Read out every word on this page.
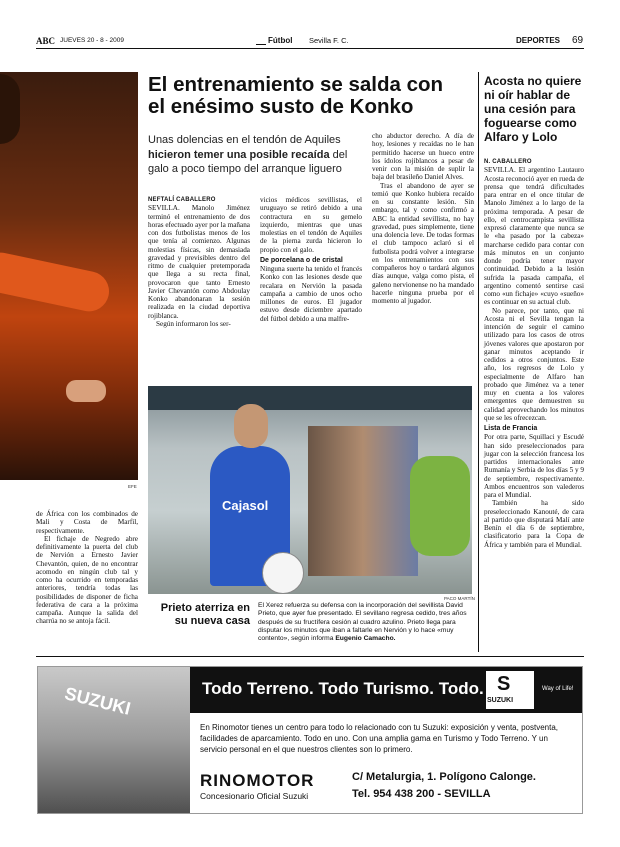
ABC JUEVES 20 - 8 - 2009	Fútbol Sevilla F. C.	DEPORTES 69
EFE

de África con los combinados de Mali y Costa de Marfil, respectivamente.

El fichaje de Negredo abre definitivamente la puerta del club de Nervión a Ernesto Javier Chevantón, quien, de no encontrar acomodo en ningún club tal y como ha ocurrido en temporadas anteriores, tendría todas las posibilidades de disponer de ficha federativa de cara a la próxima campaña. Aunque la salida del charrúa no se antoja fácil.

El entrenamiento se salda con
el enésimo susto de Konko
Unas dolencias en el tendón de Aquiles
hicieron temer una posible recaída del
galo a poco tiempo del arranque liguero
NEFTALÍ CABALLERO

SEVILLA. Manolo Jiménez terminó el entrenamiento de dos horas efectuado ayer por la mañana con dos futbolistas menos de los que tenía al comienzo. Algunas molestias físicas, sin demasiada gravedad y previsibles dentro del ritmo de cualquier pretemporada que llega a su recta final, provocaron que tanto Ernesto Javier Chevantón como Abdoulay Konko abandonaran la sesión realizada en la ciudad deportiva rojiblanca.

Según informaron los ser-

vicios médicos sevillistas, el uruguayo se retiró debido a una contractura en su gemelo izquierdo, mientras que unas molestias en el tendón de Aquiles de la pierna zurda hicieron lo propio con el galo.

De porcelana o de cristal

Ninguna suerte ha tenido el francés Konko con las lesiones desde que recalara en Nervión la pasada campaña a cambio de unos ocho millones de euros. El jugador estuvo desde diciembre apartado del fútbol debido a una malfre-

cho abductor derecho. A día de hoy, lesiones y recaídas no le han permitido hacerse un hueco entre los ídolos rojiblancos a pesar de venir con la misión de suplir la baja del brasileño Daniel Alves.

Tras el abandono de ayer se temió que Konko hubiera recaído en su constante lesión. Sin embargo, tal y como confirmó a ABC la entidad sevillista, no hay gravedad, pues simplemente, tiene una dolencia leve. De todas formas el club tampoco aclaró si el futbolista podrá volver a integrarse en los entrenamientos con sus compañeros hoy o tardará algunos días aunque, valga como pista, el galeno nervionense no ha mandado hacerle ninguna prueba por el momento al jugador.

Cajasol
PACO MARTÍN
Prieto aterriza en su nueva casa
El Xerez refuerza su defensa con la incorporación del sevillista David Prieto, que ayer fue presentado. El sevillano regresa cedido, tres años después de su fructífera cesión al cuadro azulino. Prieto llega para disputar los minutos que iban a faltarle en Nervión y lo hace «muy contento», según informa Eugenio Camacho.
Acosta no quiere ni oír hablar de una cesión para foguearse como Alfaro y Lolo
N. CABALLERO

SEVILLA. El argentino Lautauro Acosta reconoció ayer en rueda de prensa que tendrá dificultades para entrar en el once titular de Manolo Jiménez a lo largo de la próxima temporada. A pesar de ello, el centrocampista sevillista expresó claramente que nunca se le «ha pasado por la cabeza» marcharse cedido para contar con más minutos en un conjunto donde podría tener mayor continuidad. Debido a la lesión sufrida la pasada campaña, el argentino comentó sentirse casi como «un fichaje» «cuyo «sueño» es continuar en su actual club.

No parece, por tanto, que ni Acosta ni el Sevilla tengan la intención de seguir el camino utilizado para los casos de otros jóvenes valores que apostaron por ganar minutos aceptando ir cedidos a otros conjuntos. Este año, los regresos de Lolo y especialmente de Alfaro han probado que Jiménez va a tener muy en cuenta a los valores emergentes que demuestren su calidad aprovechando los minutos que se les ofrecezcan.

Lista de Francia

Por otra parte, Squillaci y Escudé han sido preseleccionados para jugar con la selección francesa los partidos internacionales ante Rumanía y Serbia de los días 5 y 9 de septiembre, respectivamente. Ambos encuentros son valederos para el Mundial.

También ha sido preseleccionado Kanouté, de cara al partido que disputará Malí ante Benín el día 6 de septiembre, clasificatorio para la Copa de África y también para el Mundial.

SUZUKI	Todo Terreno. Todo Turismo. Todo. S
SUZUKI
Way of Life!
En Rinomotor tienes un centro para todo lo relacionado con tu Suzuki: exposición y venta, postventa, facilidades de aparcamiento. Todo en uno. Con una amplia gama en Turismo y Todo Terreno. Y un servicio personal en el que nuestros clientes son lo primero.
RINOMOTOR
Concesionario Oficial Suzuki
C/ Metalurgia, 1. Polígono Calonge.
Tel. 954 438 200 - SEVILLA
